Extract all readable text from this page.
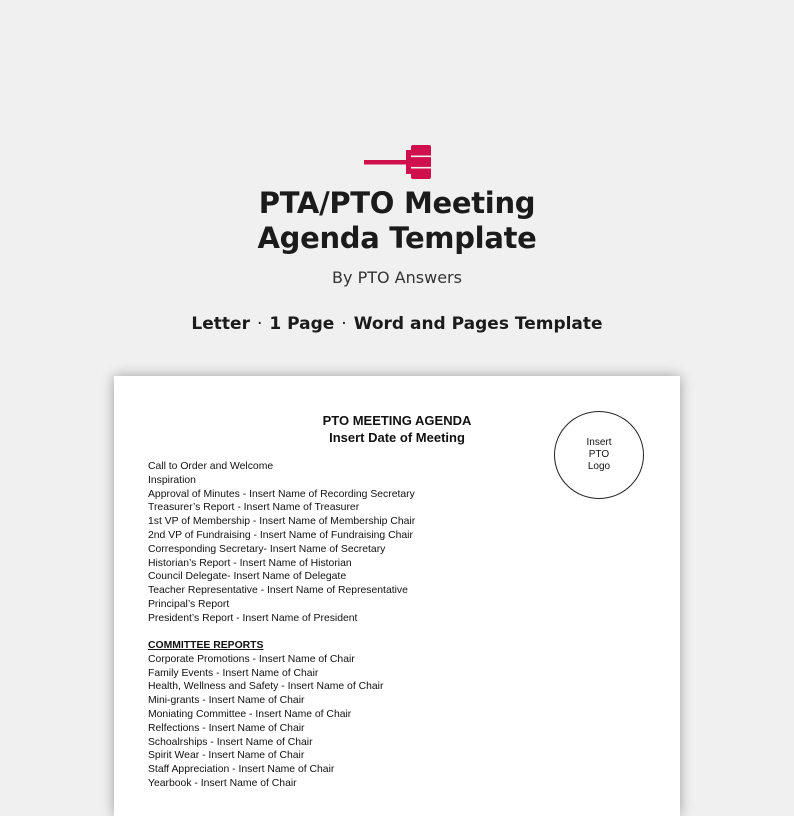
PTA/PTO Meeting
Agenda Template
By PTO Answers
Letter · 1 Page · Word and Pages Template
PTO MEETING AGENDA
Insert Date of Meeting	Insert
PTO
Logo
Call to Order and Welcome
Inspiration
Approval of Minutes - Insert Name of Recording Secretary
Treasurer’s Report - Insert Name of Treasurer
1st VP of Membership - Insert Name of Membership Chair
2nd VP of Fundraising - Insert Name of Fundraising Chair
Corresponding Secretary- Insert Name of Secretary
Historian’s Report - Insert Name of Historian
Council Delegate- Insert Name of Delegate
Teacher Representative - Insert Name of Representative
Principal’s Report
President’s Report - Insert Name of President
COMMITTEE REPORTS
Corporate Promotions - Insert Name of Chair
Family Events - Insert Name of Chair
Health, Wellness and Safety - Insert Name of Chair
Mini-grants - Insert Name of Chair
Moniating Committee - Insert Name of Chair
Relfections - Insert Name of Chair
Schoalrships - Insert Name of Chair
Spirit Wear - Insert Name of Chair
Staff Appreciation - Insert Name of Chair
Yearbook - Insert Name of Chair
